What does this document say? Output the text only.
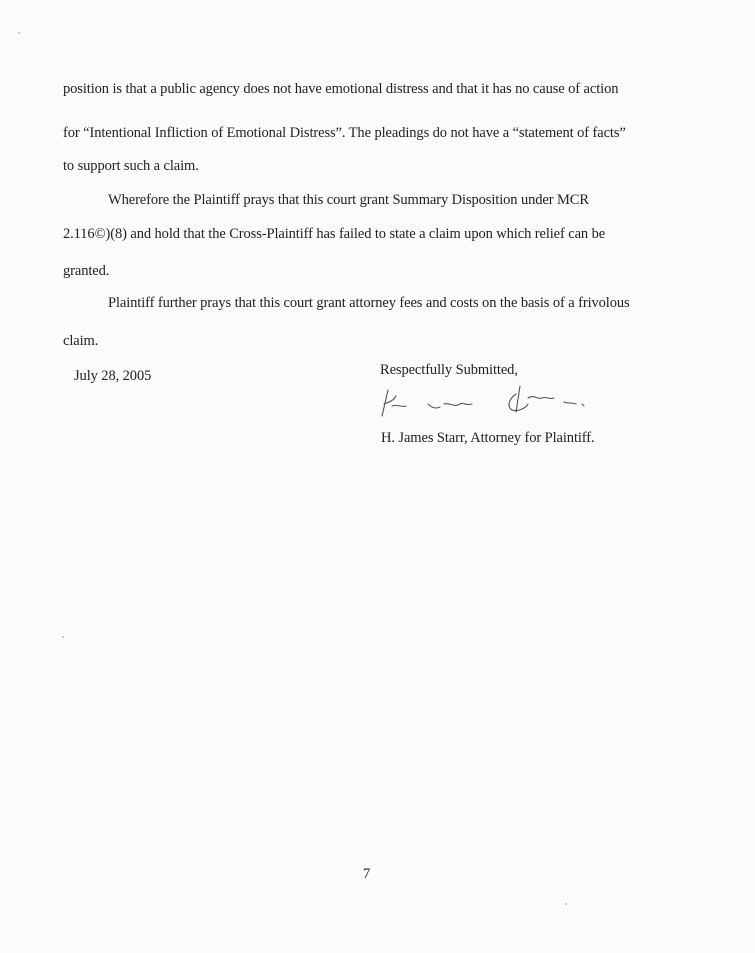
position is that a public agency does not have emotional distress and that it has no cause of action
for “Intentional Infliction of Emotional Distress”. The pleadings do not have a “statement of facts”
to support such a claim.
Wherefore the Plaintiff prays that this court grant Summary Disposition under MCR
2.116©)(8) and hold that the Cross-Plaintiff has failed to state a claim upon which relief can be
granted.
Plaintiff further prays that this court grant attorney fees and costs on the basis of a frivolous
claim.
July 28, 2005	Respectfully Submitted,
H. James Starr, Attorney for Plaintiff.
7
